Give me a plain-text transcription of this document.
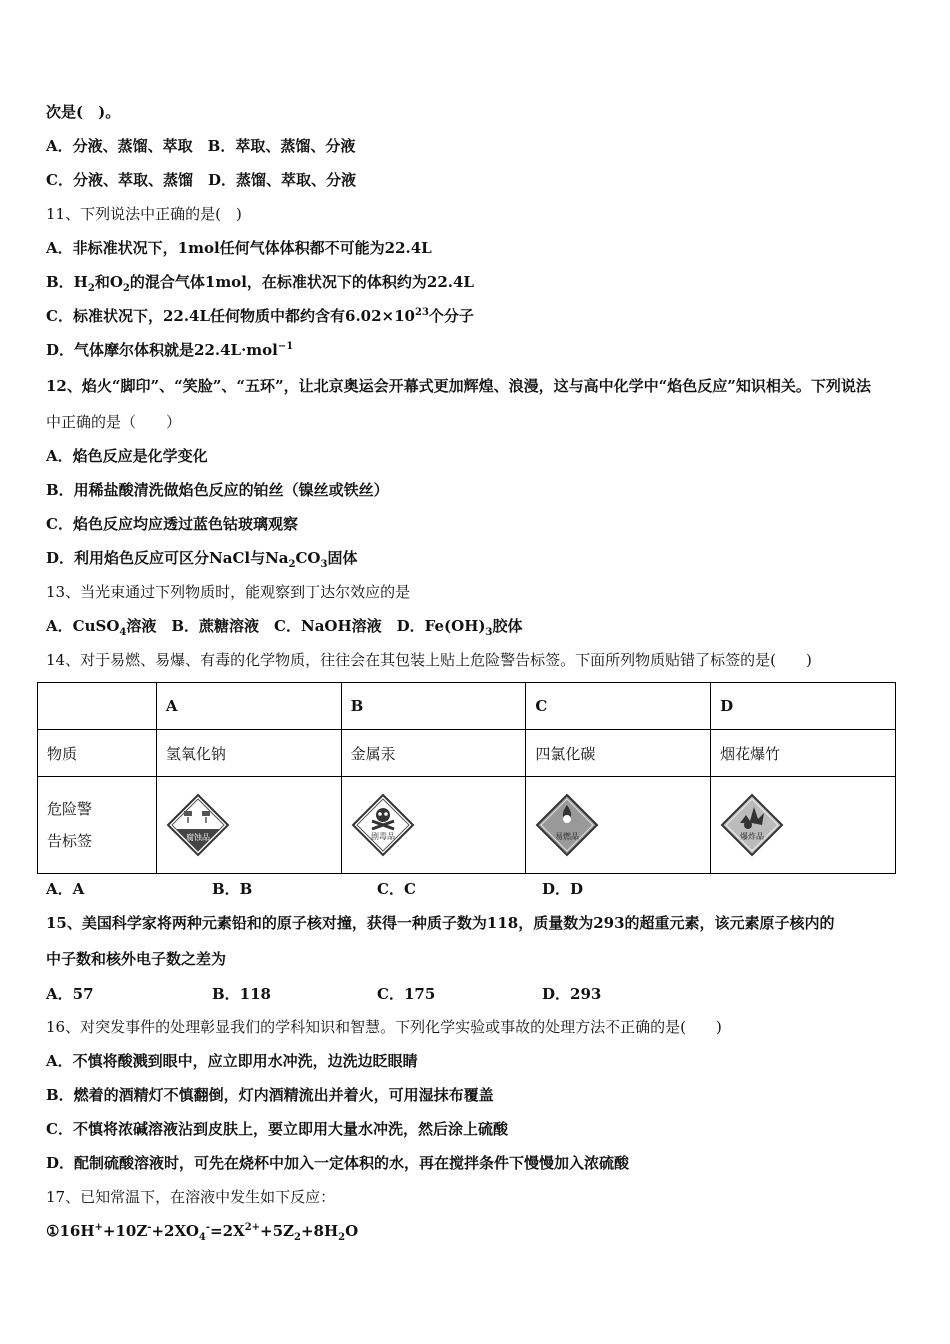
次是(　)。
A．分液、蒸馏、萃取　B．萃取、蒸馏、分液
C．分液、萃取、蒸馏　D．蒸馏、萃取、分液
11、下列说法中正确的是(　)
A．非标准状况下，1mol任何气体体积都不可能为22.4L
B．$H_2$和$O_2$的混合气体1mol，在标准状况下的体积约为22.4L
C．标准状况下，22.4L任何物质中都约含有$6.02\times 10^{23}$个分子
D．气体摩尔体积就是22.4L·mol$^{-1}$
12、焰火“脚印”、“笑脸”、“五环”，让北京奥运会开幕式更加辉煌、浪漫，这与高中化学中“焰色反应”知识相关。下列说法
中正确的是（　　）
A．焰色反应是化学变化
B．用稀盐酸清洗做焰色反应的铂丝（镍丝或铁丝）
C．焰色反应均应透过蓝色钴玻璃观察
D．利用焰色反应可区分NaCl与$Na_2CO_3$固体
13、当光束通过下列物质时，能观察到丁达尔效应的是
A．CuSO$_4$溶液　B．蔗糖溶液　C．NaOH溶液　D．$Fe(OH)_3$胶体
14、对于易燃、易爆、有毒的化学物质，往往会在其包装上贴上危险警告标签。下面所列物质贴错了标签的是(　　)
	A	B	C	D
物质	氢氧化钠	金属汞	四氯化碳	烟花爆竹
危险警
告标签	腐蚀品	剧毒品	易燃品	爆炸品
A．A	B．B	C．C	D．D
15、美国科学家将两种元素铅和的原子核对撞，获得一种质子数为118，质量数为293的超重元素，该元素原子核内的
中子数和核外电子数之差为
A．57	B．118	C．175	D．293
16、对突发事件的处理彰显我们的学科知识和智慧。下列化学实验或事故的处理方法不正确的是(　　)
A．不慎将酸溅到眼中，应立即用水冲洗，边洗边眨眼睛
B．燃着的酒精灯不慎翻倒，灯内酒精流出并着火，可用湿抹布覆盖
C．不慎将浓碱溶液沾到皮肤上，要立即用大量水冲洗，然后涂上硫酸
D．配制硫酸溶液时，可先在烧杯中加入一定体积的水，再在搅拌条件下慢慢加入浓硫酸
17、已知常温下，在溶液中发生如下反应：
$①16H^++10Z^-+2XO_4^-=2X^{2+}+5Z_2+8H_2O$
